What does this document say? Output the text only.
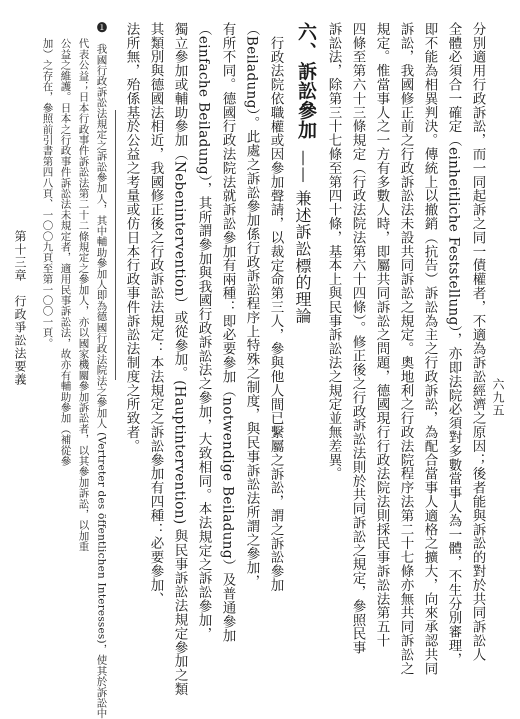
六九五
第十三章　行政爭訟法要義	分別適用行政訴訟，而一同起訴之同一債權者，不適為訴訟經濟之原因；後者能與訴訟的對於共同訴訟人
全體必須合一確定（einheitliche Feststellung），亦即法院必須對多數當事人為一體，不生分別審理，
即不能為相異判決。傳統上以撤銷（抗告）訴訟為主之行政訴訟，為配合當事人適格之擴大，向來承認共同
訴訟，我國修正前之行政訴訟法未設共同訴訟之規定。奧地利之行政法院程序法第二十七條亦無共同訴訟之
規定。惟當事人之一方有多數人時，即屬共同訴訟之問題，德國現行行政法院法則採民事訴訟法第五十
四條至第六十三條規定（行政法院法第六十四條）。修正後之行政訴訟法則於共同訴訟之規定，參照民事
訴訟法，除第三十七條至第四十條，基本上與民事訴訟法之規定並無差異。
六、訴訟參加
——
兼述訴訟標的理論
行政法院依職權或因參加聲請，以裁定命第三人，參與他人間已繫屬之訴訟，謂之訴訟參加
（Beiladung）。此處之訴訟參加係行政訴訟程序上特殊之制度，與民事訴訟法所謂之參加，
有所不同。德國行政法院法就訴訟參加有兩種：即必要參加（notwendige Beiladung）及普通參加
（einfache Beiladung），其所謂參加與我國行政訴訟法之參加，大致相同。本法規定之訴訟參加，
獨立參加或輔助參加（Nebenintervention）或從參加。(Hauptintervention) 與民事訴訟法規定參加之類
其類別與德國法相近，我國修正後之行政訴訟法規定：本法規定之訴訟參加有四種：必要參加、
法所無，殆係基於公益之考量或仿日本行政事件訴訟法制度之所致者。
❶　我國行政訴訟法規定之訴訟參加人，其中輔助參加人即為德國行政法院法之參加人 (Vertreter des öffentlichen Interesses)，使其於訴訟中
代表公益；日本行政事件訴訟法第二十二條規定之參加人，亦以國家機關參加訴訟者，以其參加訴訟，以加重
公益之維護。日本之行政事件訴訟法未規定者，適用民事訴訟法，故亦有輔助參加（補從參
加）之存在，參照前引書第四八頁、一〇〇九頁至第一〇〇一頁。
